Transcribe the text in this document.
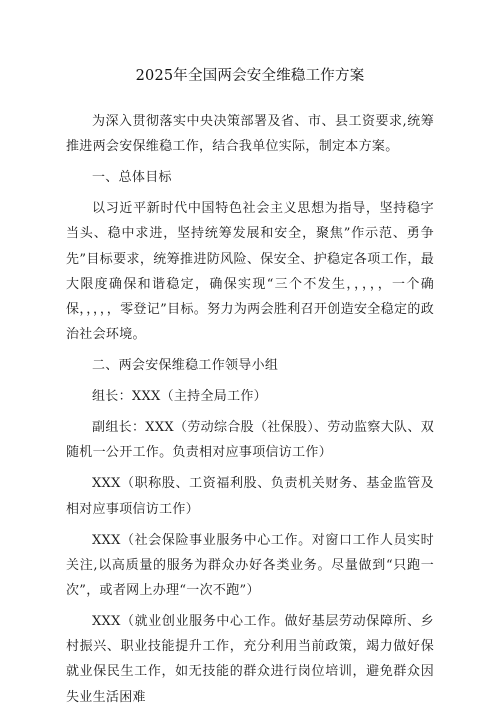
2025年全国两会安全维稳工作方案

为深入贯彻落实中央决策部署及省、市、县工资要求,统筹推进两会安保维稳工作，结合我单位实际，制定本方案。

一、总体目标

以习近平新时代中国特色社会主义思想为指导，坚持稳字当头、稳中求进，坚持统筹发展和安全，聚焦”作示范、勇争先”目标要求，统筹推进防风险、保安全、护稳定各项工作，最大限度确保和谐稳定，确保实现“三个不发生，，，，，一个确保，，，，，零登记”目标。努力为两会胜利召开创造安全稳定的政治社会环境。

二、两会安保维稳工作领导小组

组长：XXX（主持全局工作）

副组长：XXX（劳动综合股（社保股）、劳动监察大队、双随机一公开工作。负责相对应事项信访工作）

XXX（职称股、工资福利股、负责机关财务、基金监管及相对应事项信访工作）

XXX（社会保险事业服务中心工作。对窗口工作人员实时关注,以高质量的服务为群众办好各类业务。尽量做到“只跑一次”，或者网上办理“一次不跑”）

XXX（就业创业服务中心工作。做好基层劳动保障所、乡村振兴、职业技能提升工作，充分利用当前政策，竭力做好保就业保民生工作，如无技能的群众进行岗位培训，避免群众因失业生活困难
